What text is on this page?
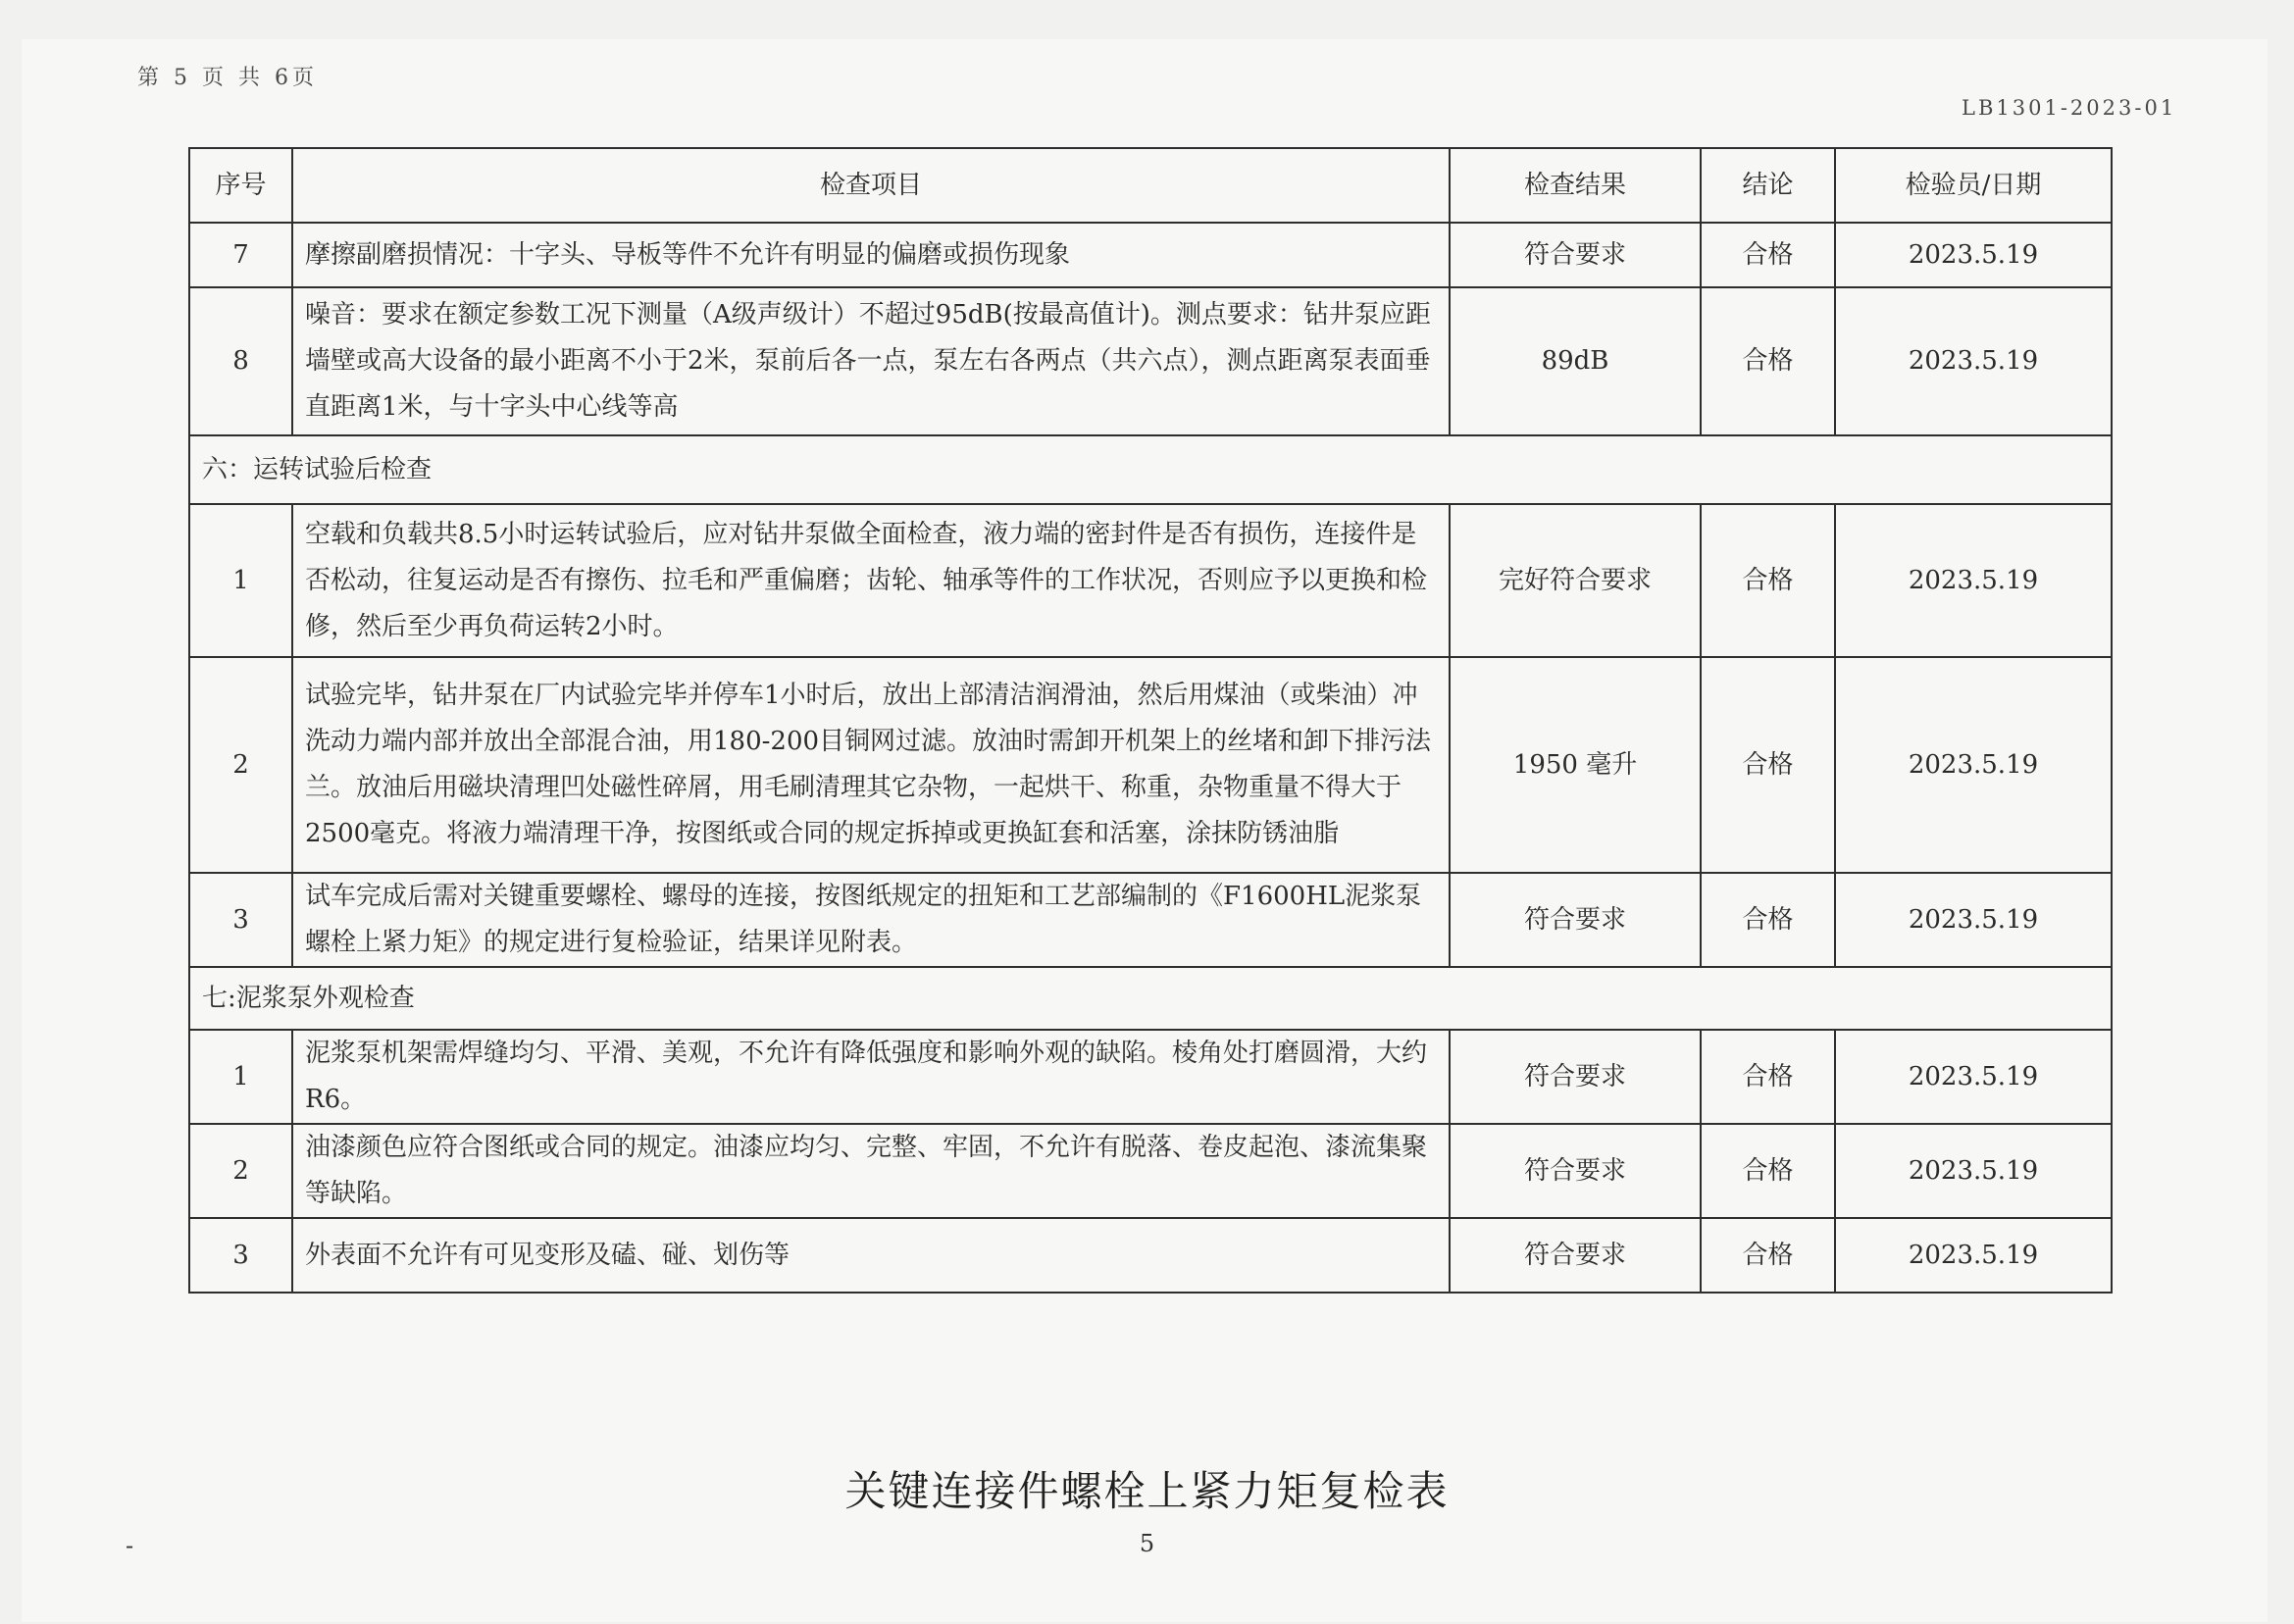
第 5 页 共 6页
LB1301-2023-01
序号	检查项目	检查结果	结论	检验员/日期
7	摩擦副磨损情况：十字头、导板等件不允许有明显的偏磨或损伤现象	符合要求	合格	2023.5.19
8	噪音：要求在额定参数工况下测量（A级声级计）不超过95dB(按最高值计)。测点要求：钻井泵应距墙壁或高大设备的最小距离不小于2米，泵前后各一点，泵左右各两点（共六点），测点距离泵表面垂直距离1米，与十字头中心线等高	89dB	合格	2023.5.19
六：运转试验后检查				
1	空载和负载共8.5小时运转试验后，应对钻井泵做全面检查，液力端的密封件是否有损伤，连接件是否松动，往复运动是否有擦伤、拉毛和严重偏磨；齿轮、轴承等件的工作状况，否则应予以更换和检修，然后至少再负荷运转2小时。	完好符合要求	合格	2023.5.19
2	试验完毕，钻井泵在厂内试验完毕并停车1小时后，放出上部清洁润滑油，然后用煤油（或柴油）冲洗动力端内部并放出全部混合油，用180-200目铜网过滤。放油时需卸开机架上的丝堵和卸下排污法兰。放油后用磁块清理凹处磁性碎屑，用毛刷清理其它杂物，一起烘干、称重，杂物重量不得大于2500毫克。将液力端清理干净，按图纸或合同的规定拆掉或更换缸套和活塞，涂抹防锈油脂	1950 毫升	合格	2023.5.19
3	试车完成后需对关键重要螺栓、螺母的连接，按图纸规定的扭矩和工艺部编制的《F1600HL泥浆泵螺栓上紧力矩》的规定进行复检验证，结果详见附表。	符合要求	合格	2023.5.19
七:泥浆泵外观检查				
1	泥浆泵机架需焊缝均匀、平滑、美观，不允许有降低强度和影响外观的缺陷。棱角处打磨圆滑，大约R6。	符合要求	合格	2023.5.19
2	油漆颜色应符合图纸或合同的规定。油漆应均匀、完整、牢固，不允许有脱落、卷皮起泡、漆流集聚等缺陷。	符合要求	合格	2023.5.19
3	外表面不允许有可见变形及磕、碰、划伤等	符合要求	合格	2023.5.19
关键连接件螺栓上紧力矩复检表
-	5
